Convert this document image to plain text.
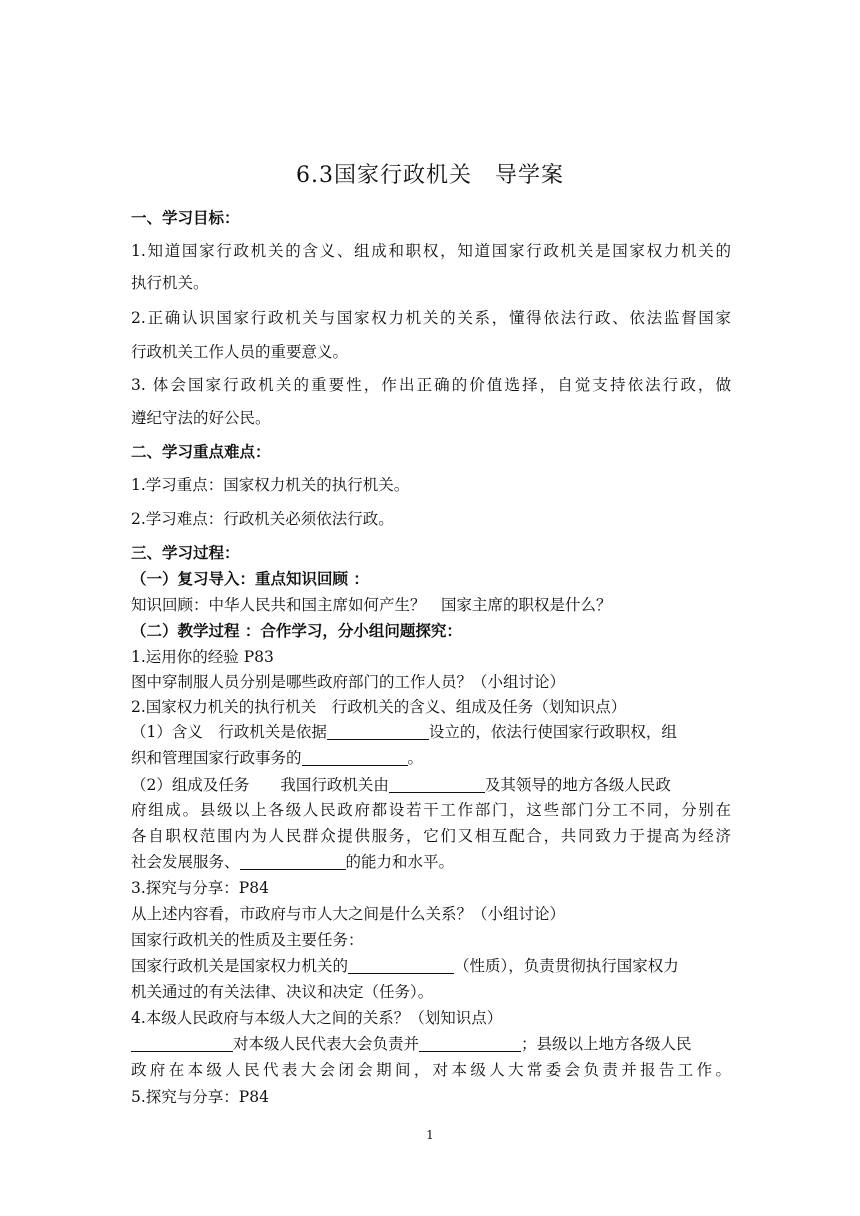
6.3国家行政机关　导学案
一、学习目标：
1.知道国家行政机关的含义、组成和职权，知道国家行政机关是国家权力机关的
执行机关。
2.正确认识国家行政机关与国家权力机关的关系，懂得依法行政、依法监督国家
行政机关工作人员的重要意义。
3. 体会国家行政机关的重要性，作出正确的价值选择，自觉支持依法行政，做
遵纪守法的好公民。
二、学习重点难点：
1.学习重点：国家权力机关的执行机关。
2.学习难点：行政机关必须依法行政。
三、学习过程：
（一）复习导入：重点知识回顾 ：
知识回顾：中华人民共和国主席如何产生？　国家主席的职权是什么？
（二）教学过程 ：合作学习，分小组问题探究：
1.运用你的经验 P83
图中穿制服人员分别是哪些政府部门的工作人员？（小组讨论）
2.国家权力机关的执行机关　行政机关的含义、组成及任务（划知识点）
（1）含义　行政机关是依据	设立的，依法行使国家行政职权，组
织和管理国家行政事务的	。
（2）组成及任务　　我国行政机关由	及其领导的地方各级人民政
府组成。县级以上各级人民政府都设若干工作部门，这些部门分工不同，分别在
各自职权范围内为人民群众提供服务，它们又相互配合，共同致力于提高为经济
社会发展服务、	的能力和水平。
3.探究与分享：P84
从上述内容看，市政府与市人大之间是什么关系？（小组讨论）
国家行政机关的性质及主要任务：
国家行政机关是国家权力机关的	（性质），负责贯彻执行国家权力
机关通过的有关法律、决议和决定（任务）。
4.本级人民政府与本级人大之间的关系？（划知识点）
对本级人民代表大会负责并	；县级以上地方各级人民
政府在本级人民代表大会闭会期间，对本级人大常委会负责并报告工作。
5.探究与分享：P84
1
